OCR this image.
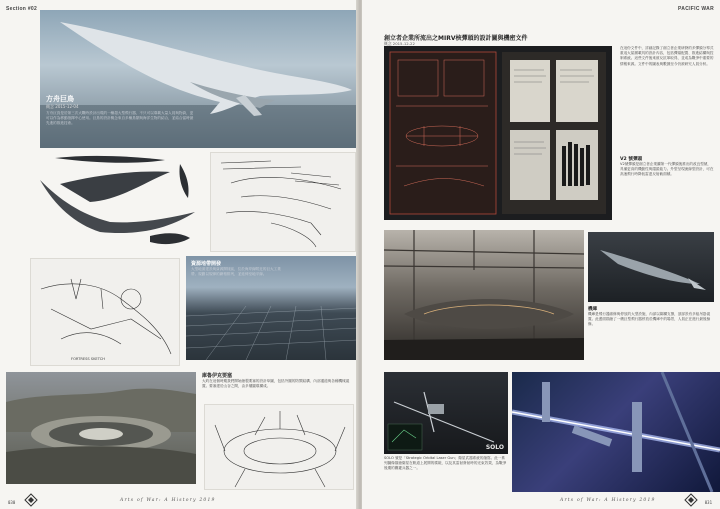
Section #02
方舟巨鳥
概念 2015-12-04
方舟巨鳥是於第三次大戰時設計出現的一種超大型飛行器，不只可以乘載大量人員與物資，更可以作為移動指揮中心使用。巨鳥的設計概念來自多種鳥類與海洋生物的結合，並結合當時最先進的推進技術。
FORTRESS SKETCH
資源地帶開發
大型地面建設與資源開採區，位於海岸線附近的巨大工業帶。規劃以規律的網格排列，並延伸至地平線。
庫魯伊克要塞
大約在這個時期我們開始繪製要塞的設計草圖，包括外圍的防禦結構、內部通道與各種機械裝置。要塞建於山谷之間，由多層圓環構成。
030	Arts of War: A History 2019
PACIFIC WAR
創立者企業所流出之MIRV核彈頭的設計圖與機密文件
概念 2015-12-22
在這份文件中，詳細記錄了創立者企業研發的多彈頭分導式重返大氣層載具的設計內容，包括彈頭配置、推進結構與控制系統。這些文件後來被反抗軍取得，並成為戰爭中重要的情報來源。文件中的圖表與數據至今仍被研究人員分析。
V2 號彈頭
V2號彈頭是創立者企業繼第一代彈頭後推出的改良型號，具備更高的機動性與隱匿能力。外型呈現流線型設計，可在高速飛行時降低雷達反射截面積。
機庫
機庫是飛行器維修與停放的大型設施，內部以鋼構支撐，頂部設有多組吊掛裝置。此畫面描繪了一艘巨型飛行器停放於機庫中的場景，人員正在進行最後檢修。
SOLO
SOLO 號是「Strategic Orbital Laser Gun」衛星武器系統的縮寫。此一系列圖像描繪衛星在軌道上展開的樣貌，以及其雷射發射時的光束效果，為戰爭後期的關鍵兵器之一。
Arts of War: A History 2019	031
